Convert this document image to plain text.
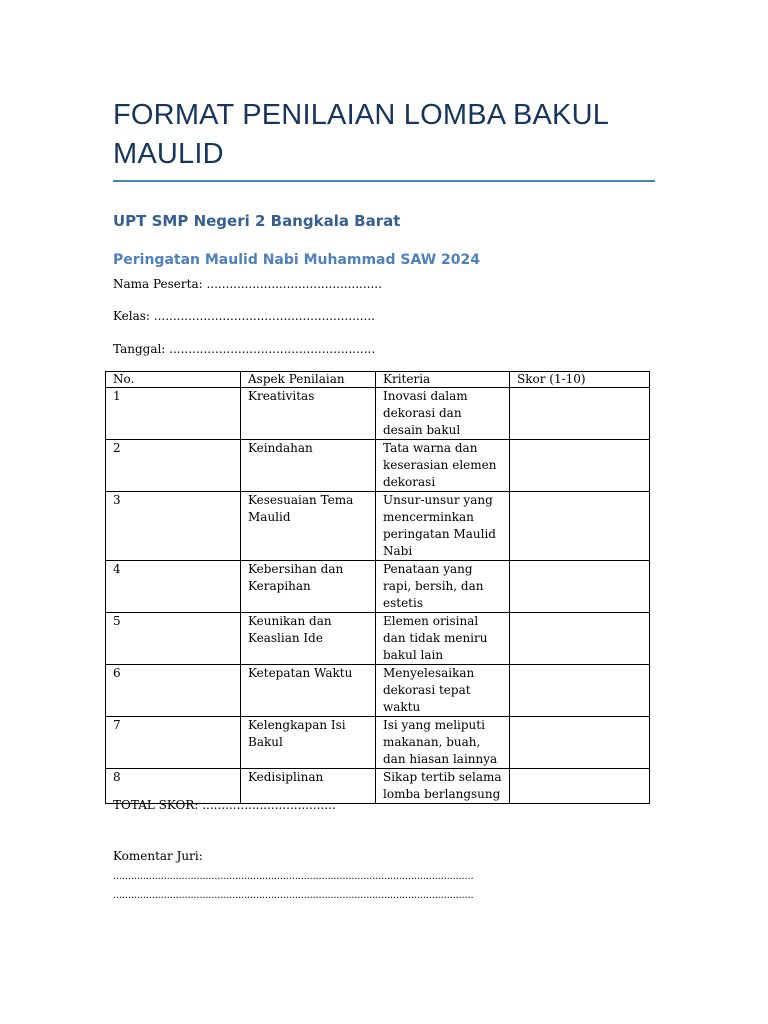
FORMAT PENILAIAN LOMBA BAKUL MAULID
UPT SMP Negeri 2 Bangkala Barat
Peringatan Maulid Nabi Muhammad SAW 2024
Nama Peserta: ..............................................
Kelas: ..........................................................
Tanggal: ......................................................
No.	Aspek Penilaian	Kriteria	Skor (1-10)
1	Kreativitas	Inovasi dalam dekorasi dan desain bakul	
2	Keindahan	Tata warna dan keserasian elemen dekorasi	
3	Kesesuaian Tema Maulid	Unsur-unsur yang mencerminkan peringatan Maulid Nabi	
4	Kebersihan dan Kerapihan	Penataan yang rapi, bersih, dan estetis	
5	Keunikan dan Keaslian Ide	Elemen orisinal dan tidak meniru bakul lain	
6	Ketepatan Waktu	Menyelesaikan dekorasi tepat waktu	
7	Kelengkapan Isi Bakul	Isi yang meliputi makanan, buah, dan hiasan lainnya	
8	Kedisiplinan	Sikap tertib selama lomba berlangsung	
TOTAL SKOR: ...................................
Komentar Juri:
.........................................................................................................................
.........................................................................................................................
